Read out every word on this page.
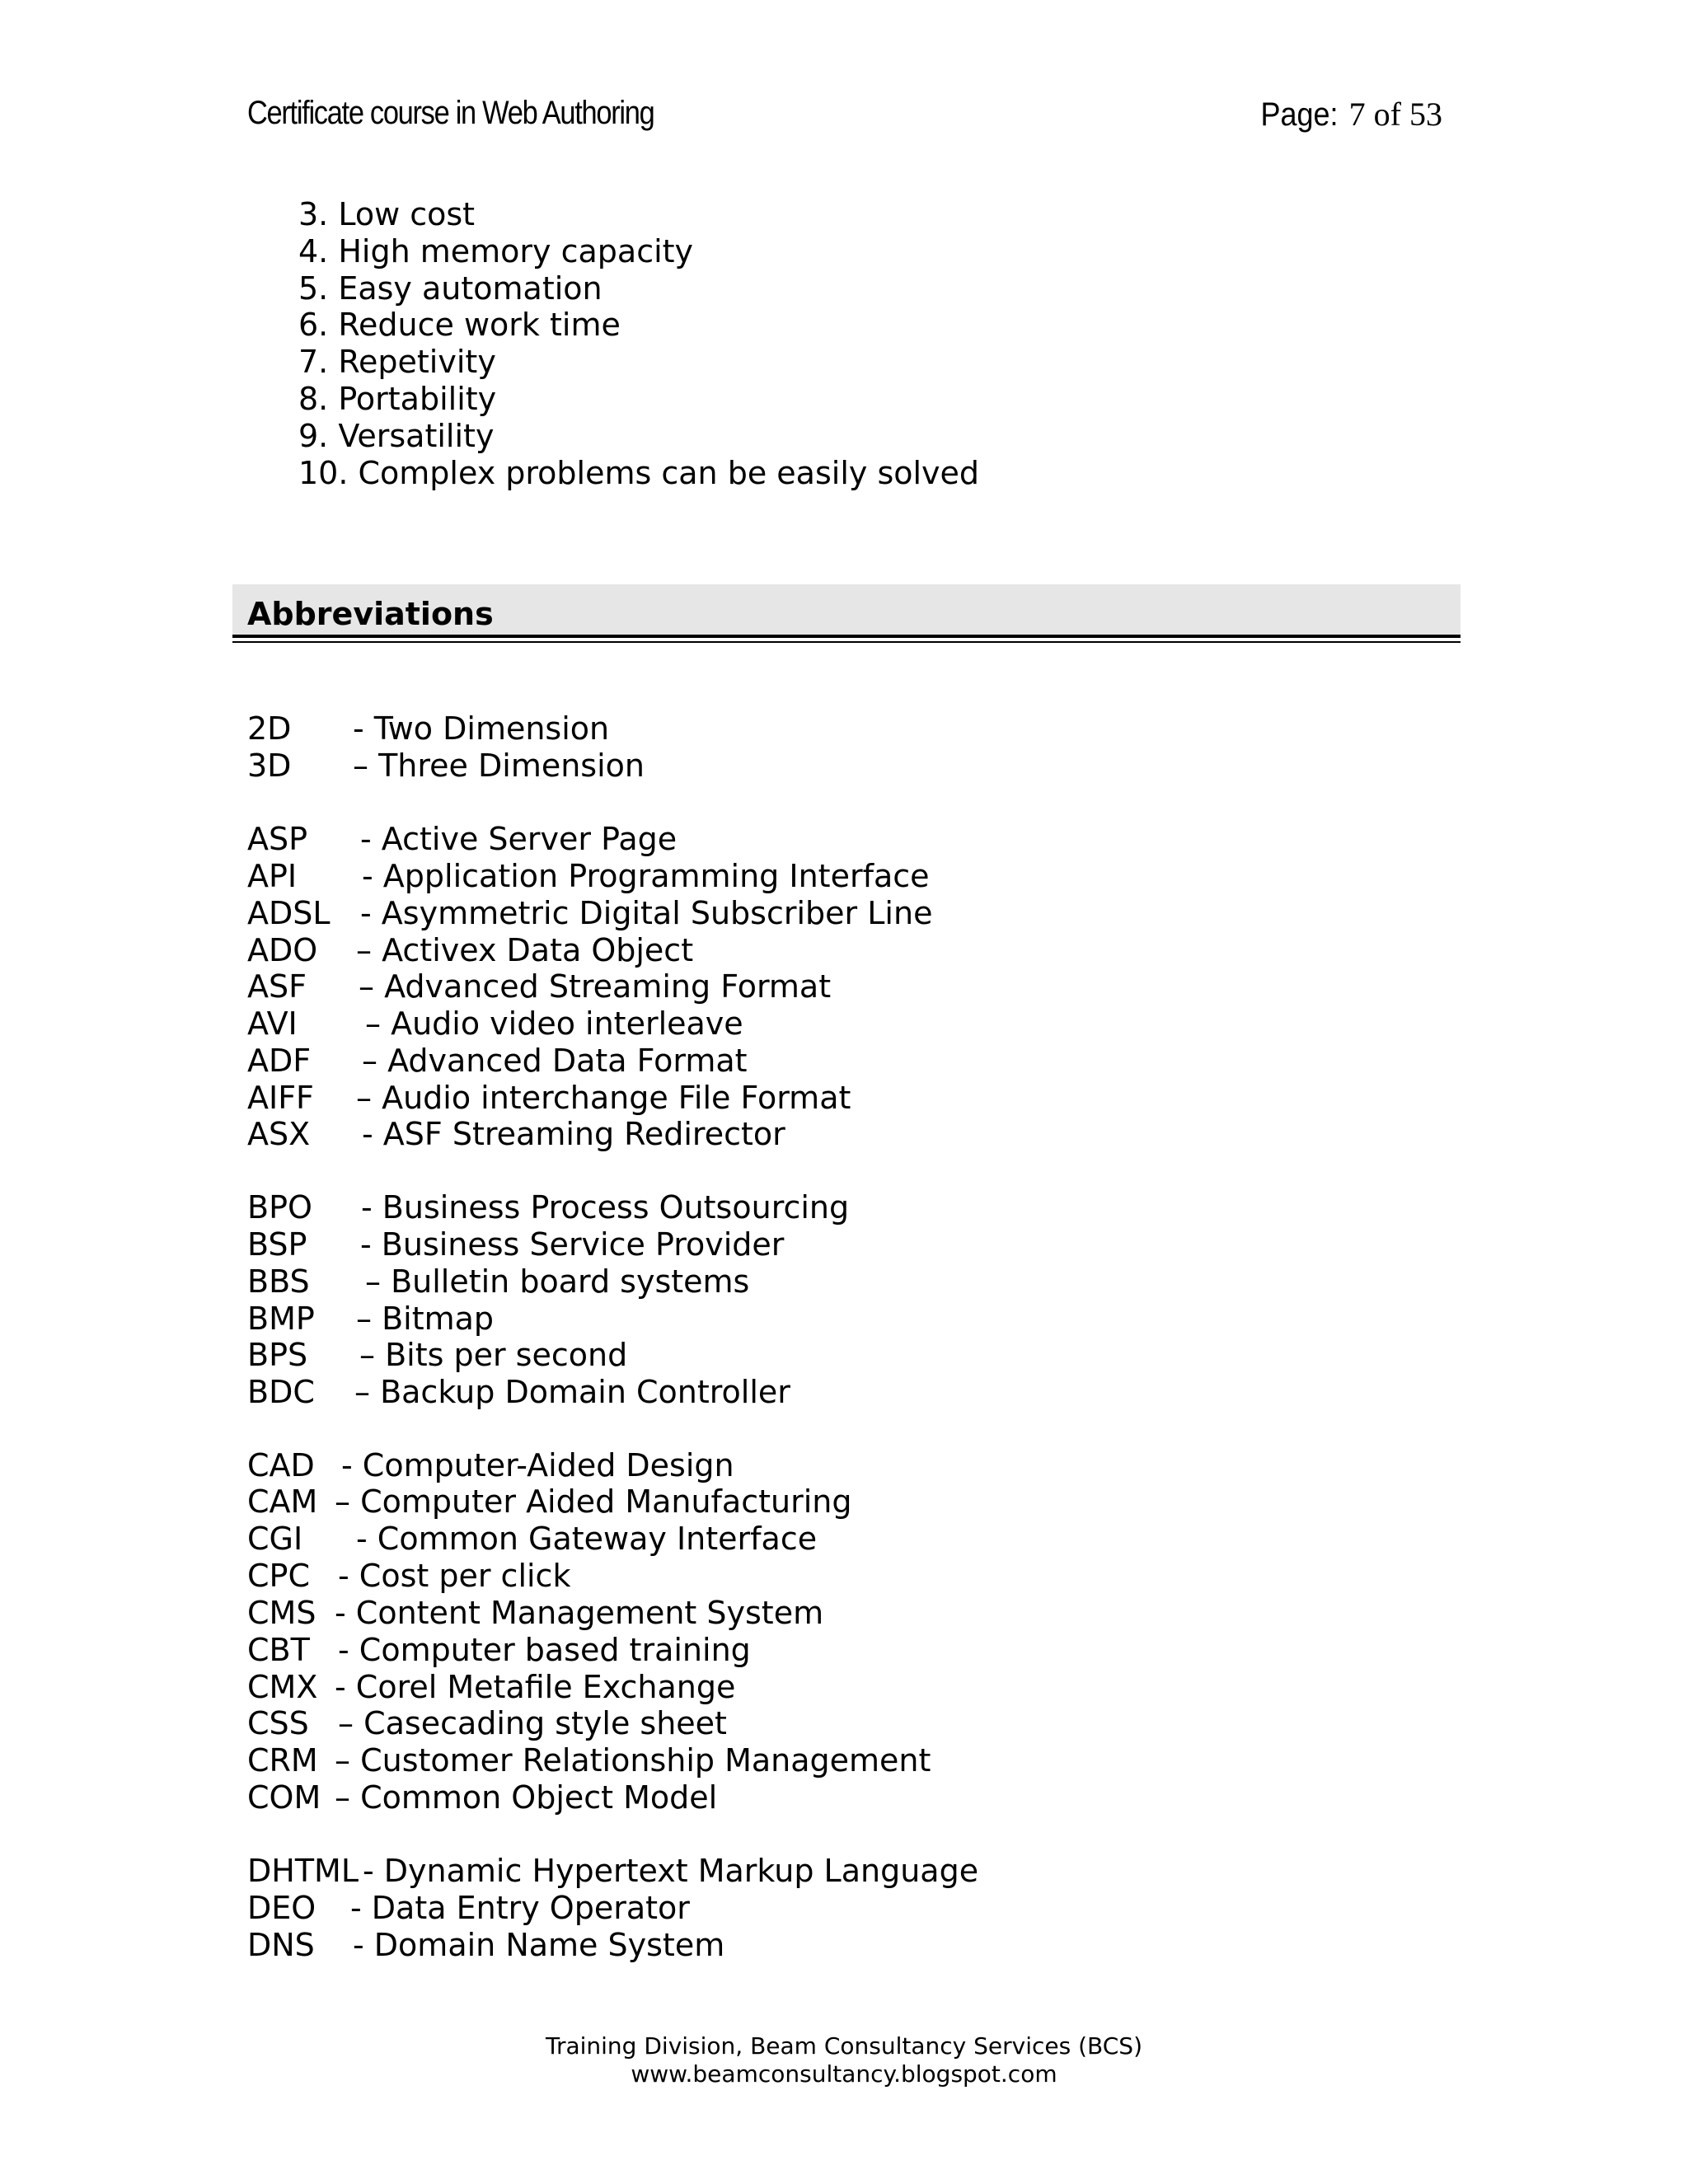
Certificate course in Web Authoring	Page: 7 of 53
3. Low cost
4. High memory capacity
5. Easy automation
6. Reduce work time
7. Repetivity
8. Portability
9. Versatility
10. Complex problems can be easily solved
Abbreviations
2D - Two Dimension
3D – Three Dimension
ASP - Active Server Page
API - Application Programming Interface
ADSL - Asymmetric Digital Subscriber Line
ADO – Activex Data Object
ASF – Advanced Streaming Format
AVI – Audio video interleave
ADF – Advanced Data Format
AIFF – Audio interchange File Format
ASX - ASF Streaming Redirector
BPO - Business Process Outsourcing
BSP - Business Service Provider
BBS – Bulletin board systems
BMP – Bitmap
BPS – Bits per second
BDC – Backup Domain Controller
CAD - Computer-Aided Design
CAM – Computer Aided Manufacturing
CGI - Common Gateway Interface
CPC - Cost per click
CMS - Content Management System
CBT - Computer based training
CMX - Corel Metafile Exchange
CSS – Casecading style sheet
CRM – Customer Relationship Management
COM – Common Object Model
DHTML - Dynamic Hypertext Markup Language
DEO - Data Entry Operator
DNS - Domain Name System
Training Division, Beam Consultancy Services (BCS)
www.beamconsultancy.blogspot.com
